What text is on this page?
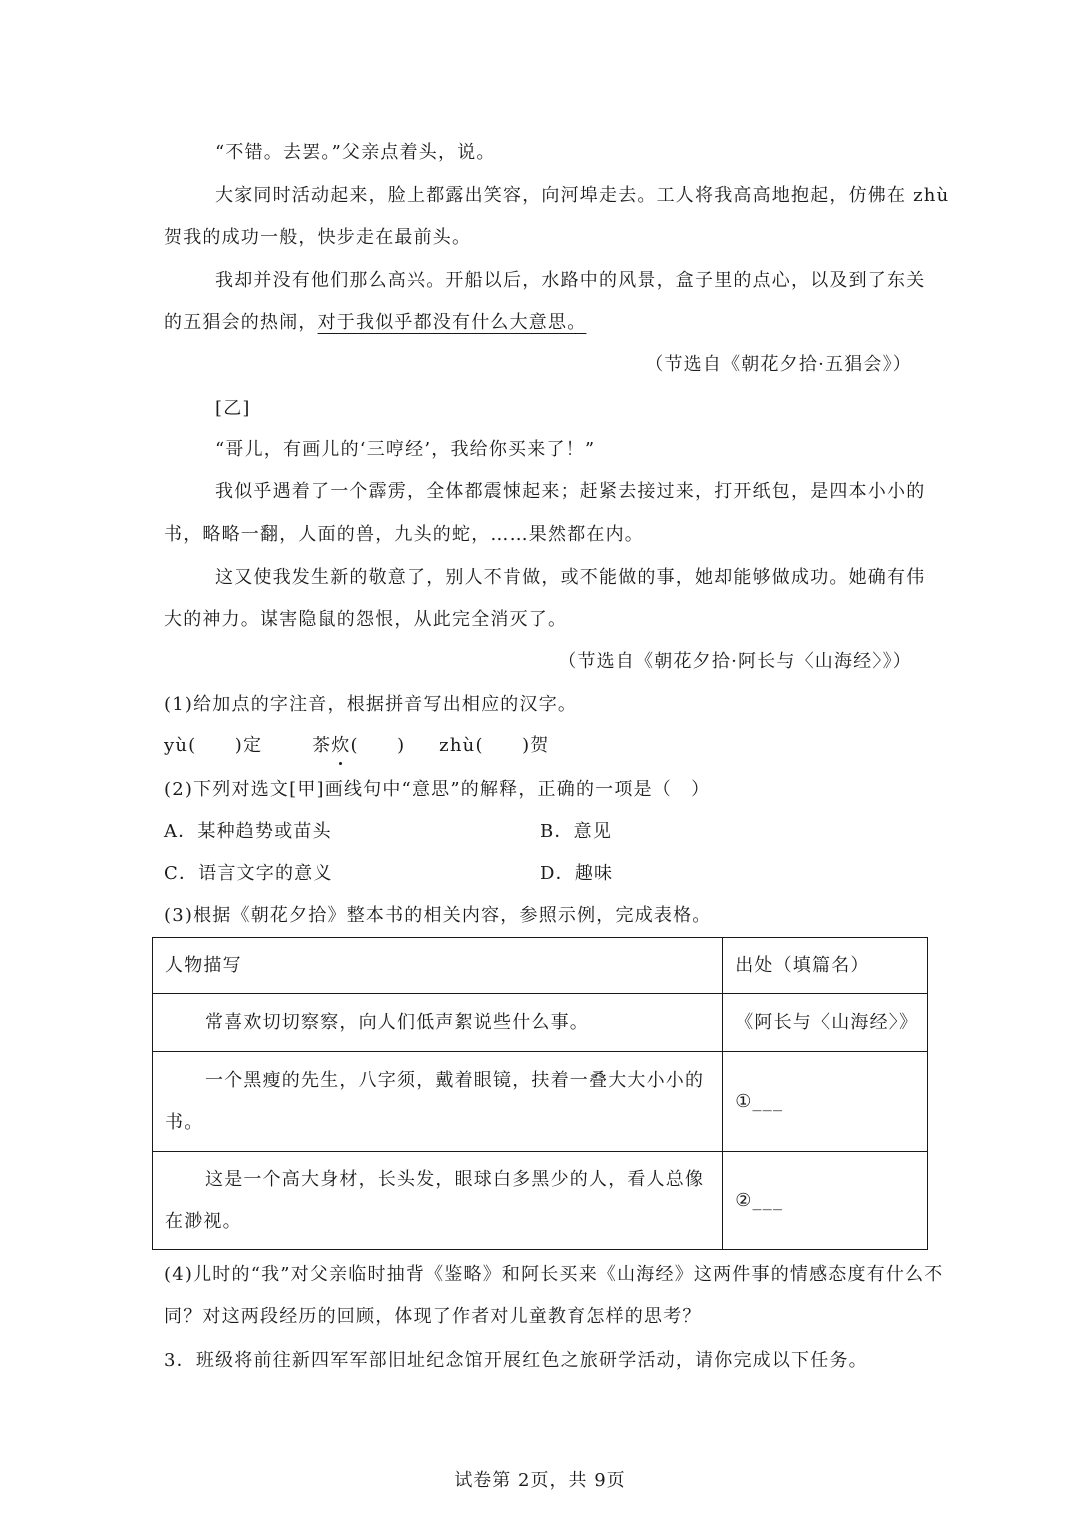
“不错。去罢。”父亲点着头，说。
大家同时活动起来，脸上都露出笑容，向河埠走去。工人将我高高地抱起，仿佛在 zhù
贺我的成功一般，快步走在最前头。
我却并没有他们那么高兴。开船以后，水路中的风景，盒子里的点心，以及到了东关
的五猖会的热闹，对于我似乎都没有什么大意思。
（节选自《朝花夕拾·五猖会》）
[乙]
“哥儿，有画儿的‘三哼经’，我给你买来了！”
我似乎遇着了一个霹雳，全体都震悚起来；赶紧去接过来，打开纸包，是四本小小的
书，略略一翻，人面的兽，九头的蛇，……果然都在内。
这又使我发生新的敬意了，别人不肯做，或不能做的事，她却能够做成功。她确有伟
大的神力。谋害隐鼠的怨恨，从此完全消灭了。
（节选自《朝花夕拾·阿长与〈山海经〉》）
(1)给加点的字注音，根据拼音写出相应的汉字。
yù(　　)定	茶炊(　　) zhù(　　)贺
(2)下列对选文[甲]画线句中“意思”的解释，正确的一项是（　）
A．某种趋势或苗头	B．意见
C．语言文字的意义	D．趣味
(3)根据《朝花夕拾》整本书的相关内容，参照示例，完成表格。
人物描写	出处（填篇名）

常喜欢切切察察，向人们低声絮说些什么事。	《阿长与〈山海经〉》

一个黑瘦的先生，八字须，戴着眼镜，扶着一叠大大小小的书。	①___

这是一个高大身材，长头发，眼球白多黑少的人，看人总像在渺视。	②___
(4)儿时的“我”对父亲临时抽背《鉴略》和阿长买来《山海经》这两件事的情感态度有什么不
同？对这两段经历的回顾，体现了作者对儿童教育怎样的思考？
3．班级将前往新四军军部旧址纪念馆开展红色之旅研学活动，请你完成以下任务。
试卷第 2页，共 9页
